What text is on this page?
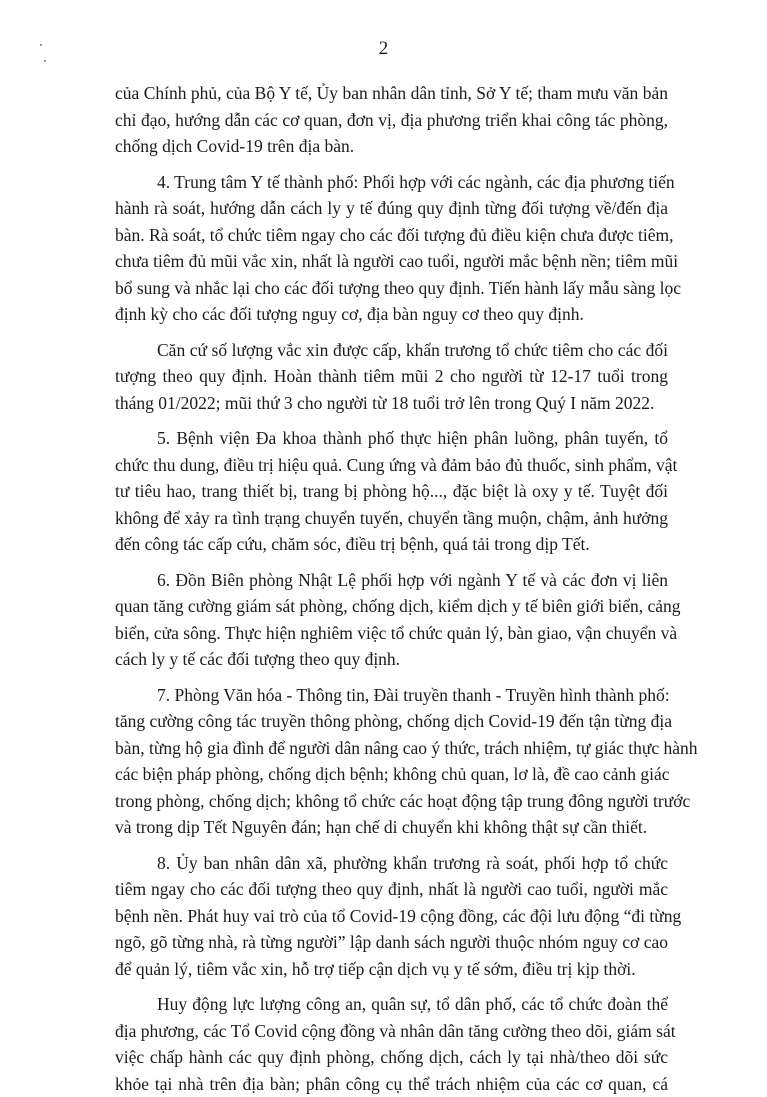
2

của Chính phủ, của Bộ Y tế, Ủy ban nhân dân tỉnh, Sở Y tế; tham mưu văn bản
chỉ đạo, hướng dẫn các cơ quan, đơn vị, địa phương triển khai công tác phòng,
chống dịch Covid-19 trên địa bàn.

4. Trung tâm Y tế thành phố: Phối hợp với các ngành, các địa phương tiến
hành rà soát, hướng dẫn cách ly y tế đúng quy định từng đối tượng về/đến địa
bàn. Rà soát, tổ chức tiêm ngay cho các đối tượng đủ điều kiện chưa được tiêm,
chưa tiêm đủ mũi vắc xin, nhất là người cao tuổi, người mắc bệnh nền; tiêm mũi
bổ sung và nhắc lại cho các đối tượng theo quy định. Tiến hành lấy mẫu sàng lọc
định kỳ cho các đối tượng nguy cơ, địa bàn nguy cơ theo quy định.

Căn cứ số lượng vắc xin được cấp, khẩn trương tổ chức tiêm cho các đối
tượng theo quy định. Hoàn thành tiêm mũi 2 cho người từ 12-17 tuổi trong
tháng 01/2022; mũi thứ 3 cho người từ 18 tuổi trở lên trong Quý I năm 2022.

5. Bệnh viện Đa khoa thành phố thực hiện phân luồng, phân tuyến, tổ
chức thu dung, điều trị hiệu quả. Cung ứng và đảm bảo đủ thuốc, sinh phẩm, vật
tư tiêu hao, trang thiết bị, trang bị phòng hộ..., đặc biệt là oxy y tế. Tuyệt đối
không để xảy ra tình trạng chuyển tuyến, chuyển tầng muộn, chậm, ảnh hưởng
đến công tác cấp cứu, chăm sóc, điều trị bệnh, quá tải trong dịp Tết.

6. Đồn Biên phòng Nhật Lệ phối hợp với ngành Y tế và các đơn vị liên
quan tăng cường giám sát phòng, chống dịch, kiểm dịch y tế biên giới biển, cảng
biển, cửa sông. Thực hiện nghiêm việc tổ chức quản lý, bàn giao, vận chuyển và
cách ly y tế các đối tượng theo quy định.

7. Phòng Văn hóa - Thông tin, Đài truyền thanh - Truyền hình thành phố:
tăng cường công tác truyền thông phòng, chống dịch Covid-19 đến tận từng địa
bàn, từng hộ gia đình để người dân nâng cao ý thức, trách nhiệm, tự giác thực hành
các biện pháp phòng, chống dịch bệnh; không chủ quan, lơ là, đề cao cảnh giác
trong phòng, chống dịch; không tổ chức các hoạt động tập trung đông người trước
và trong dịp Tết Nguyên đán; hạn chế di chuyển khi không thật sự cần thiết.

8. Ủy ban nhân dân xã, phường khẩn trương rà soát, phối hợp tổ chức
tiêm ngay cho các đối tượng theo quy định, nhất là người cao tuổi, người mắc
bệnh nền. Phát huy vai trò của tổ Covid-19 cộng đồng, các đội lưu động “đi từng
ngõ, gõ từng nhà, rà từng người” lập danh sách người thuộc nhóm nguy cơ cao
để quản lý, tiêm vắc xin, hỗ trợ tiếp cận dịch vụ y tế sớm, điều trị kịp thời.

Huy động lực lượng công an, quân sự, tổ dân phố, các tổ chức đoàn thể
địa phương, các Tổ Covid cộng đồng và nhân dân tăng cường theo dõi, giám sát
việc chấp hành các quy định phòng, chống dịch, cách ly tại nhà/theo dõi sức
khỏe tại nhà trên địa bàn; phân công cụ thể trách nhiệm của các cơ quan, cá
